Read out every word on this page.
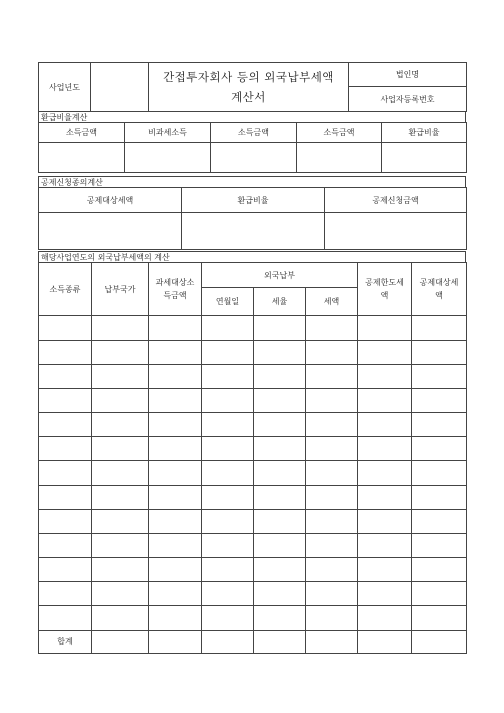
사업년도		
간접투자회사 등의 외국납부세액
계산서
	법인명
사업자등록번호
환급비율계산
소득금액	비과세소득	소득금액	소득금액	환급비율

공제신청종의계산
공제대상세액	환급비율	공제신청금액

해당사업연도의 외국납부세액의 계산
소득종류	납부국가	과세대상소득금액	외국납부			공제한도세액	공제대상세액
			연월일	세율	세액		

합계							
